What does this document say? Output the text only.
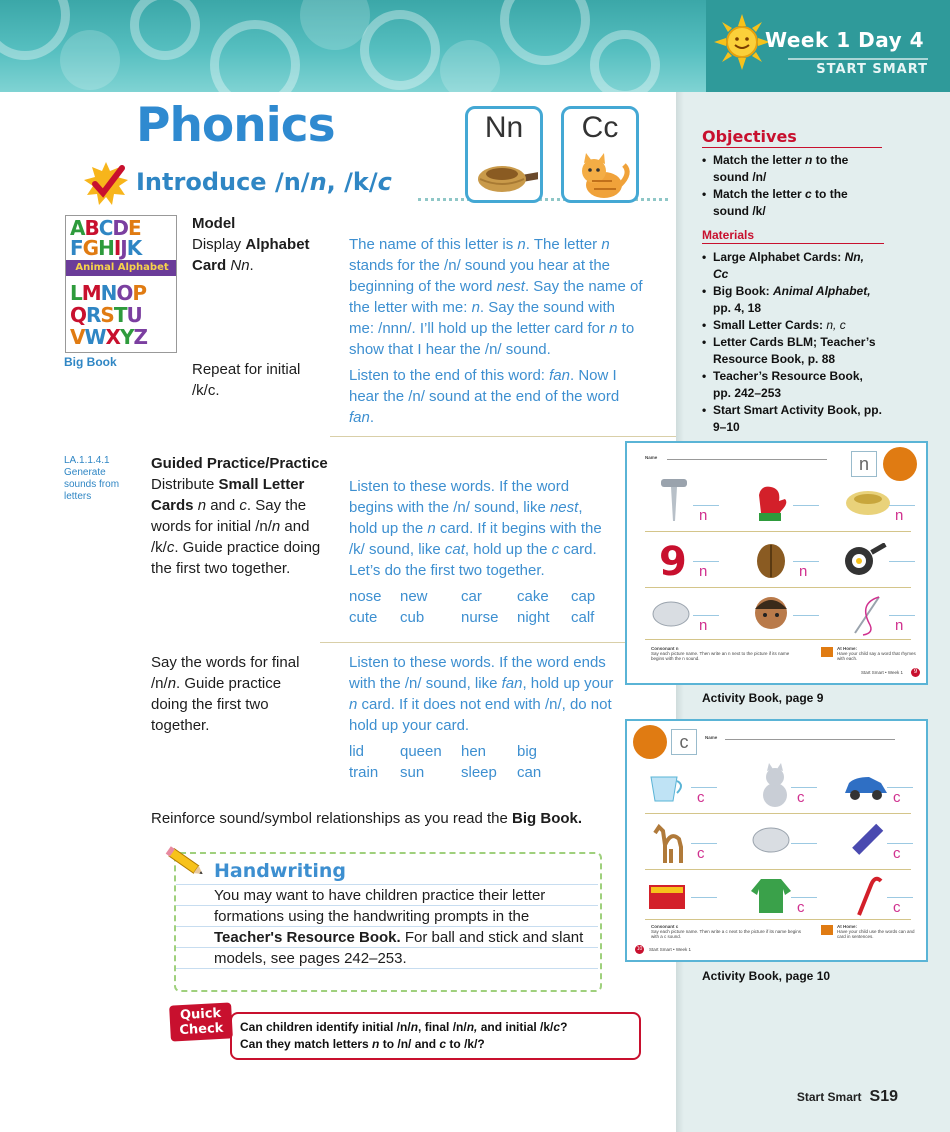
Week 1 Day 4
START SMART
Objectives
• Match the letter n to the sound /n/
• Match the letter c to the sound /k/
Materials
• Large Alphabet Cards: Nn, Cc
• Big Book: Animal Alphabet, pp. 4, 18
• Small Letter Cards: n, c
• Letter Cards BLM; Teacher’s Resource Book, p. 88
• Teacher’s Resource Book, pp. 242–253
• Start Smart Activity Book, pp. 9–10
Phonics
Introduce /n/n, /k/c
Nn	Cc
ABCDE
FGHIJK
Animal Alphabet
LMNOP
QRSTU
VWXYZ
Big Book
Model
Display Alphabet Card Nn.
The name of this letter is n. The letter n stands for the /n/ sound you hear at the beginning of the word nest. Say the name of the letter with me: n. Say the sound with me: /nnn/. I’ll hold up the letter card for n to show that I hear the /n/ sound.
Repeat for initial /k/c.
Listen to the end of this word: fan. Now I hear the /n/ sound at the end of the word fan.
LA.1.1.4.1 Generate sounds from letters
Guided Practice/Practice
Distribute Small Letter Cards n and c. Say the words for initial /n/n and /k/c. Guide practice doing the first two together.
Listen to these words. If the word begins with the /n/ sound, like nest, hold up the n card. If it begins with the /k/ sound, like cat, hold up the c card. Let’s do the first two together.
nose	new	car	cake	cap
cute	cub	nurse	night	calf
Say the words for final /n/n. Guide practice doing the first two together.
Listen to these words. If the word ends with the /n/ sound, like fan, hold up your n card. If it does not end with /n/, do not hold up your card.
lid	queen	hen	big
train	sun	sleep	can
Reinforce sound/symbol relationships as you read the Big Book.
Handwriting
You may want to have children practice their letter formations using the handwriting prompts in the Teacher's Resource Book. For ball and stick and slant models, see pages 242–253.
Quick
Check	Can children identify initial /n/n, final /n/n, and initial /k/c?
Can they match letters n to /n/ and c to /k/?
Name	n
n	n
9 n	n
n	n
Consonant n
Say each picture name. Then write an n next to the picture if its name begins with the n sound.
At Home:
Have your child say a word that rhymes with each.
Start Smart • Week 1	9
Activity Book, page 9
c	Name
c	c	c
c	c
c	c
Consonant c
Say each picture name. Then write a c next to the picture if its name begins with a c sound.
At Home:
Have your child use the words can and card in sentences.
10	Start Smart • Week 1
Activity Book, page 10
Start Smart S19
